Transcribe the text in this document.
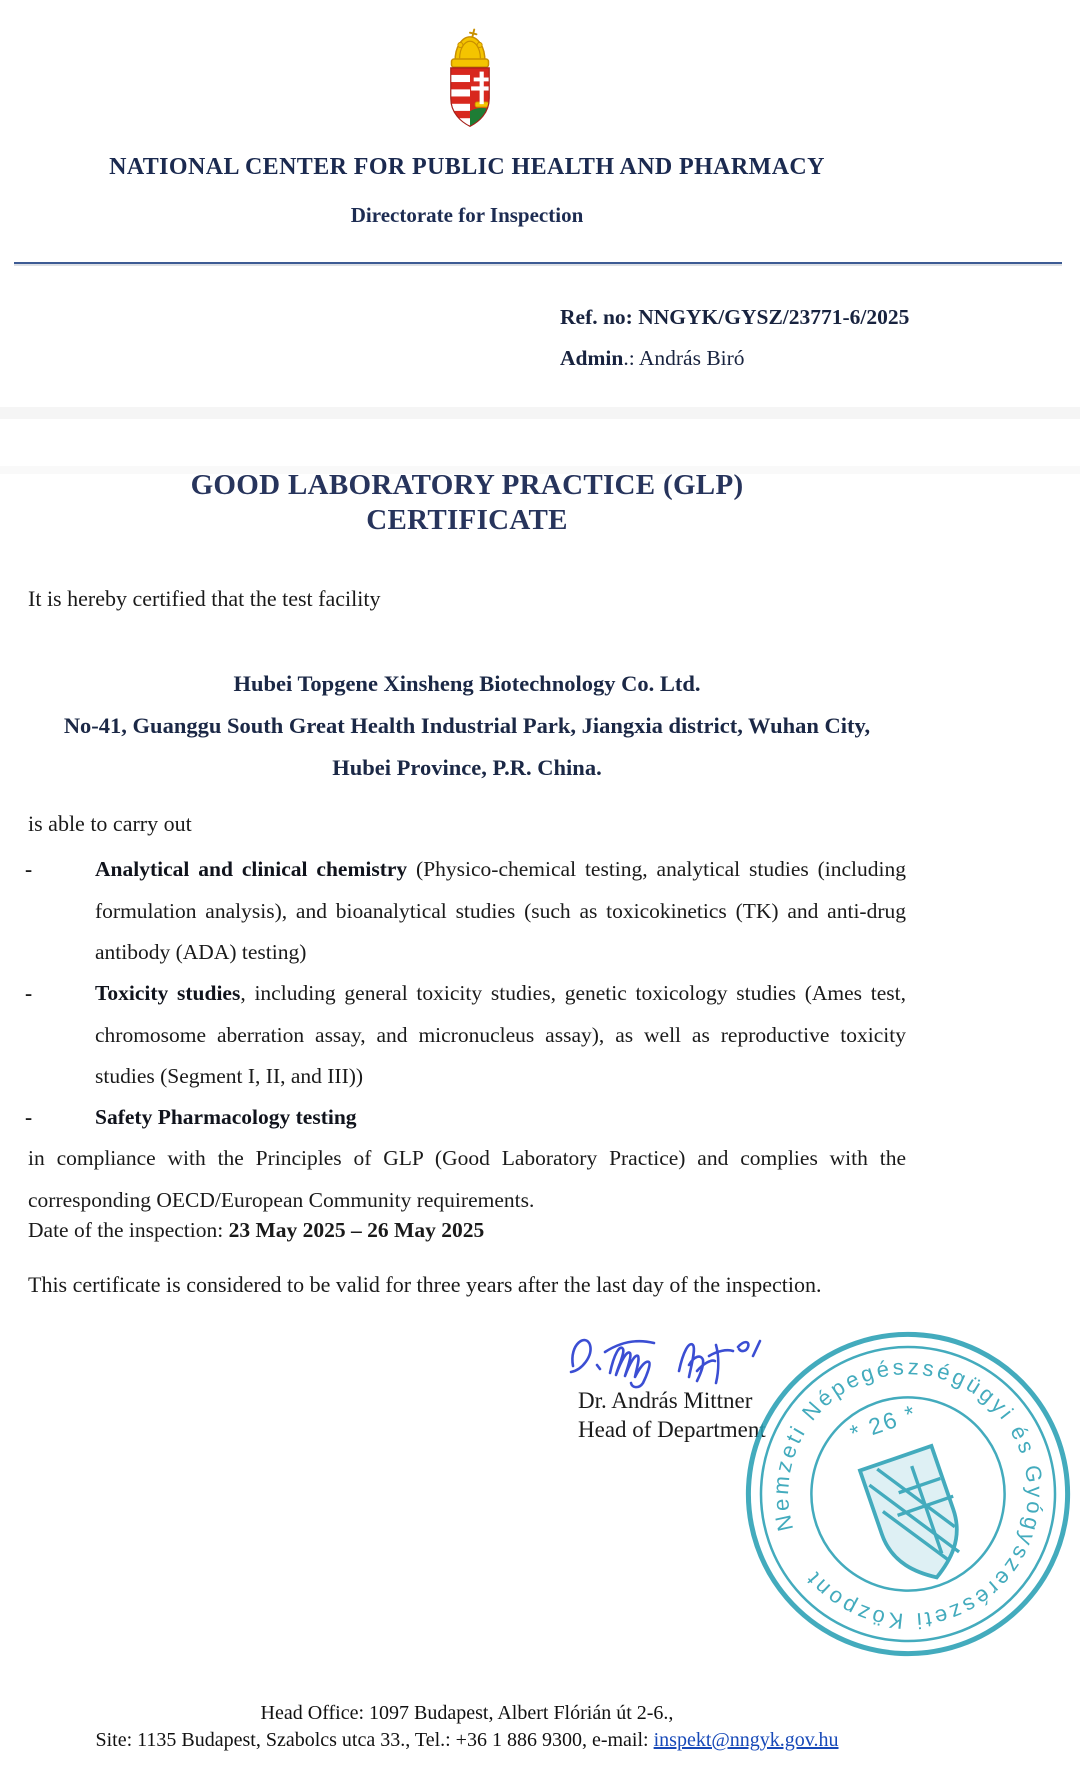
NATIONAL CENTER FOR PUBLIC HEALTH AND PHARMACY
Directorate for Inspection
Ref. no: NNGYK/GYSZ/23771-6/2025
Admin.: András Biró
GOOD LABORATORY PRACTICE (GLP)
CERTIFICATE
It is hereby certified that the test facility
Hubei Topgene Xinsheng Biotechnology Co. Ltd.
No-41, Guanggu South Great Health Industrial Park, Jiangxia district, Wuhan City,
Hubei Province, P.R. China.
is able to carry out
-	Analytical and clinical chemistry (Physico-chemical testing, analytical studies (including formulation analysis), and bioanalytical studies (such as toxicokinetics (TK) and anti-drug antibody (ADA) testing)
-	Toxicity studies, including general toxicity studies, genetic toxicology studies (Ames test, chromosome aberration assay, and micronucleus assay), as well as reproductive toxicity studies (Segment I, II, and III))
-	Safety Pharmacology testing
in compliance with the Principles of GLP (Good Laboratory Practice) and complies with the corresponding OECD/European Community requirements.
Date of the inspection: 23 May 2025 – 26 May 2025
This certificate is considered to be valid for three years after the last day of the inspection.
Dr. András Mittner
Head of Department
Nemzeti Népegészségügyi és Gyógyszerészeti Központ
* 26 *
Head Office: 1097 Budapest, Albert Flórián út 2-6.,
Site: 1135 Budapest, Szabolcs utca 33., Tel.: +36 1 886 9300, e-mail: inspekt@nngyk.gov.hu
